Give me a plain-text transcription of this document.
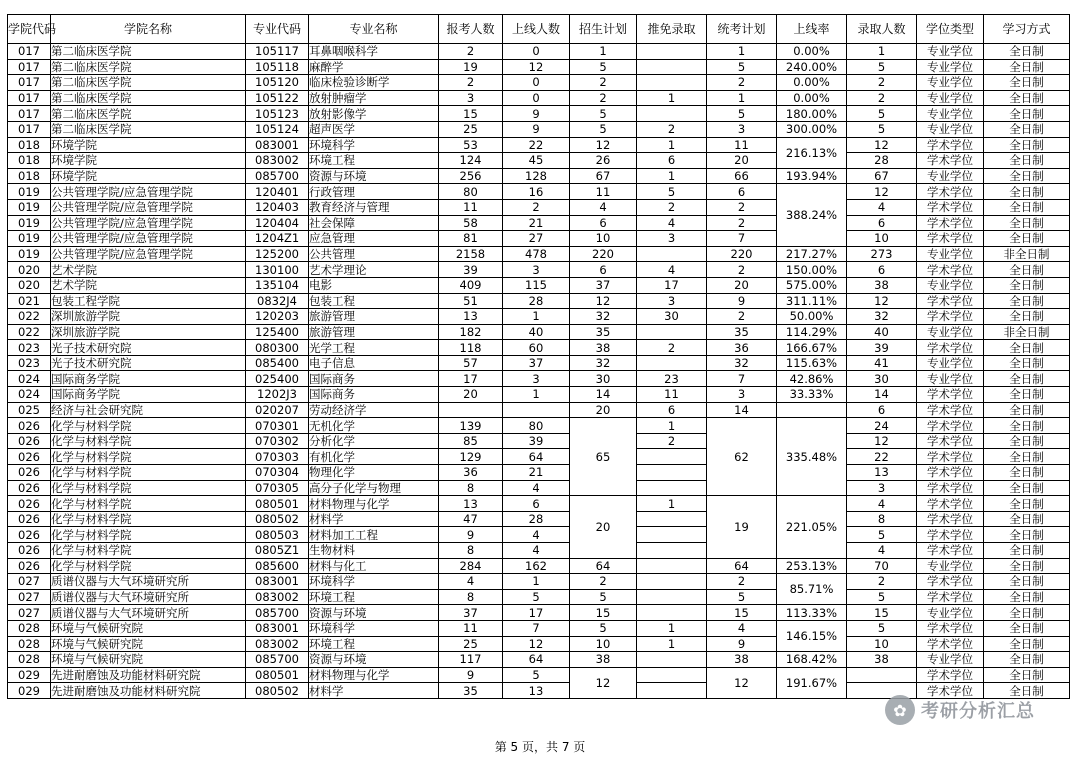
学院代码	学院名称	专业代码	专业名称	报考人数	上线人数	招生计划	推免录取	统考计划	上线率	录取人数	学位类型	学习方式
017	第二临床医学院	105117	耳鼻咽喉科学	2	0	1		1	0.00%	1	专业学位	全日制
017	第二临床医学院	105118	麻醉学	19	12	5		5	240.00%	5	专业学位	全日制
017	第二临床医学院	105120	临床检验诊断学	2	0	2		2	0.00%	2	专业学位	全日制
017	第二临床医学院	105122	放射肿瘤学	3	0	2	1	1	0.00%	2	专业学位	全日制
017	第二临床医学院	105123	放射影像学	15	9	5		5	180.00%	5	专业学位	全日制
017	第二临床医学院	105124	超声医学	25	9	5	2	3	300.00%	5	专业学位	全日制
018	环境学院	083001	环境科学	53	22	12	1	11	216.13%	12	学术学位	全日制
018	环境学院	083002	环境工程	124	45	26	6	20		28	学术学位	全日制
018	环境学院	085700	资源与环境	256	128	67	1	66	193.94%	67	专业学位	全日制
019	公共管理学院/应急管理学院	120401	行政管理	80	16	11	5	6	388.24%	12	学术学位	全日制
019	公共管理学院/应急管理学院	120403	教育经济与管理	11	2	4	2	2		4	学术学位	全日制
019	公共管理学院/应急管理学院	120404	社会保障	58	21	6	4	2		6	学术学位	全日制
019	公共管理学院/应急管理学院	1204Z1	应急管理	81	27	10	3	7		10	学术学位	全日制
019	公共管理学院/应急管理学院	125200	公共管理	2158	478	220		220	217.27%	273	专业学位	非全日制
020	艺术学院	130100	艺术学理论	39	3	6	4	2	150.00%	6	学术学位	全日制
020	艺术学院	135104	电影	409	115	37	17	20	575.00%	38	专业学位	全日制
021	包装工程学院	0832J4	包装工程	51	28	12	3	9	311.11%	12	学术学位	全日制
022	深圳旅游学院	120203	旅游管理	13	1	32	30	2	50.00%	32	学术学位	全日制
022	深圳旅游学院	125400	旅游管理	182	40	35		35	114.29%	40	专业学位	非全日制
023	光子技术研究院	080300	光学工程	118	60	38	2	36	166.67%	39	学术学位	全日制
023	光子技术研究院	085400	电子信息	57	37	32		32	115.63%	41	专业学位	全日制
024	国际商务学院	025400	国际商务	17	3	30	23	7	42.86%	30	专业学位	全日制
024	国际商务学院	1202J3	国际商务	20	1	14	11	3	33.33%	14	学术学位	全日制
025	经济与社会研究院	020207	劳动经济学			20	6	14		6	学术学位	全日制
026	化学与材料学院	070301	无机化学	139	80	65	1	62	335.48%	24	学术学位	全日制
026	化学与材料学院	070302	分析化学	85	39		2			12	学术学位	全日制
026	化学与材料学院	070303	有机化学	129	64					22	学术学位	全日制
026	化学与材料学院	070304	物理化学	36	21					13	学术学位	全日制
026	化学与材料学院	070305	高分子化学与物理	8	4					3	学术学位	全日制
026	化学与材料学院	080501	材料物理与化学	13	6	20	1	19	221.05%	4	学术学位	全日制
026	化学与材料学院	080502	材料学	47	28					8	学术学位	全日制
026	化学与材料学院	080503	材料加工工程	9	4					5	学术学位	全日制
026	化学与材料学院	0805Z1	生物材料	8	4					4	学术学位	全日制
026	化学与材料学院	085600	材料与化工	284	162	64		64	253.13%	70	专业学位	全日制
027	质谱仪器与大气环境研究所	083001	环境科学	4	1	2		2	85.71%	2	学术学位	全日制
027	质谱仪器与大气环境研究所	083002	环境工程	8	5	5		5		5	学术学位	全日制
027	质谱仪器与大气环境研究所	085700	资源与环境	37	17	15		15	113.33%	15	专业学位	全日制
028	环境与气候研究院	083001	环境科学	11	7	5	1	4	146.15%	5	学术学位	全日制
028	环境与气候研究院	083002	环境工程	25	12	10	1	9		10	学术学位	全日制
028	环境与气候研究院	085700	资源与环境	117	64	38		38	168.42%	38	专业学位	全日制
029	先进耐磨蚀及功能材料研究院	080501	材料物理与化学	9	5	12		12	191.67%		学术学位	全日制
029	先进耐磨蚀及功能材料研究院	080502	材料学	35	13						学术学位	全日制
✿ 考研分析汇总
第 5 页，共 7 页
